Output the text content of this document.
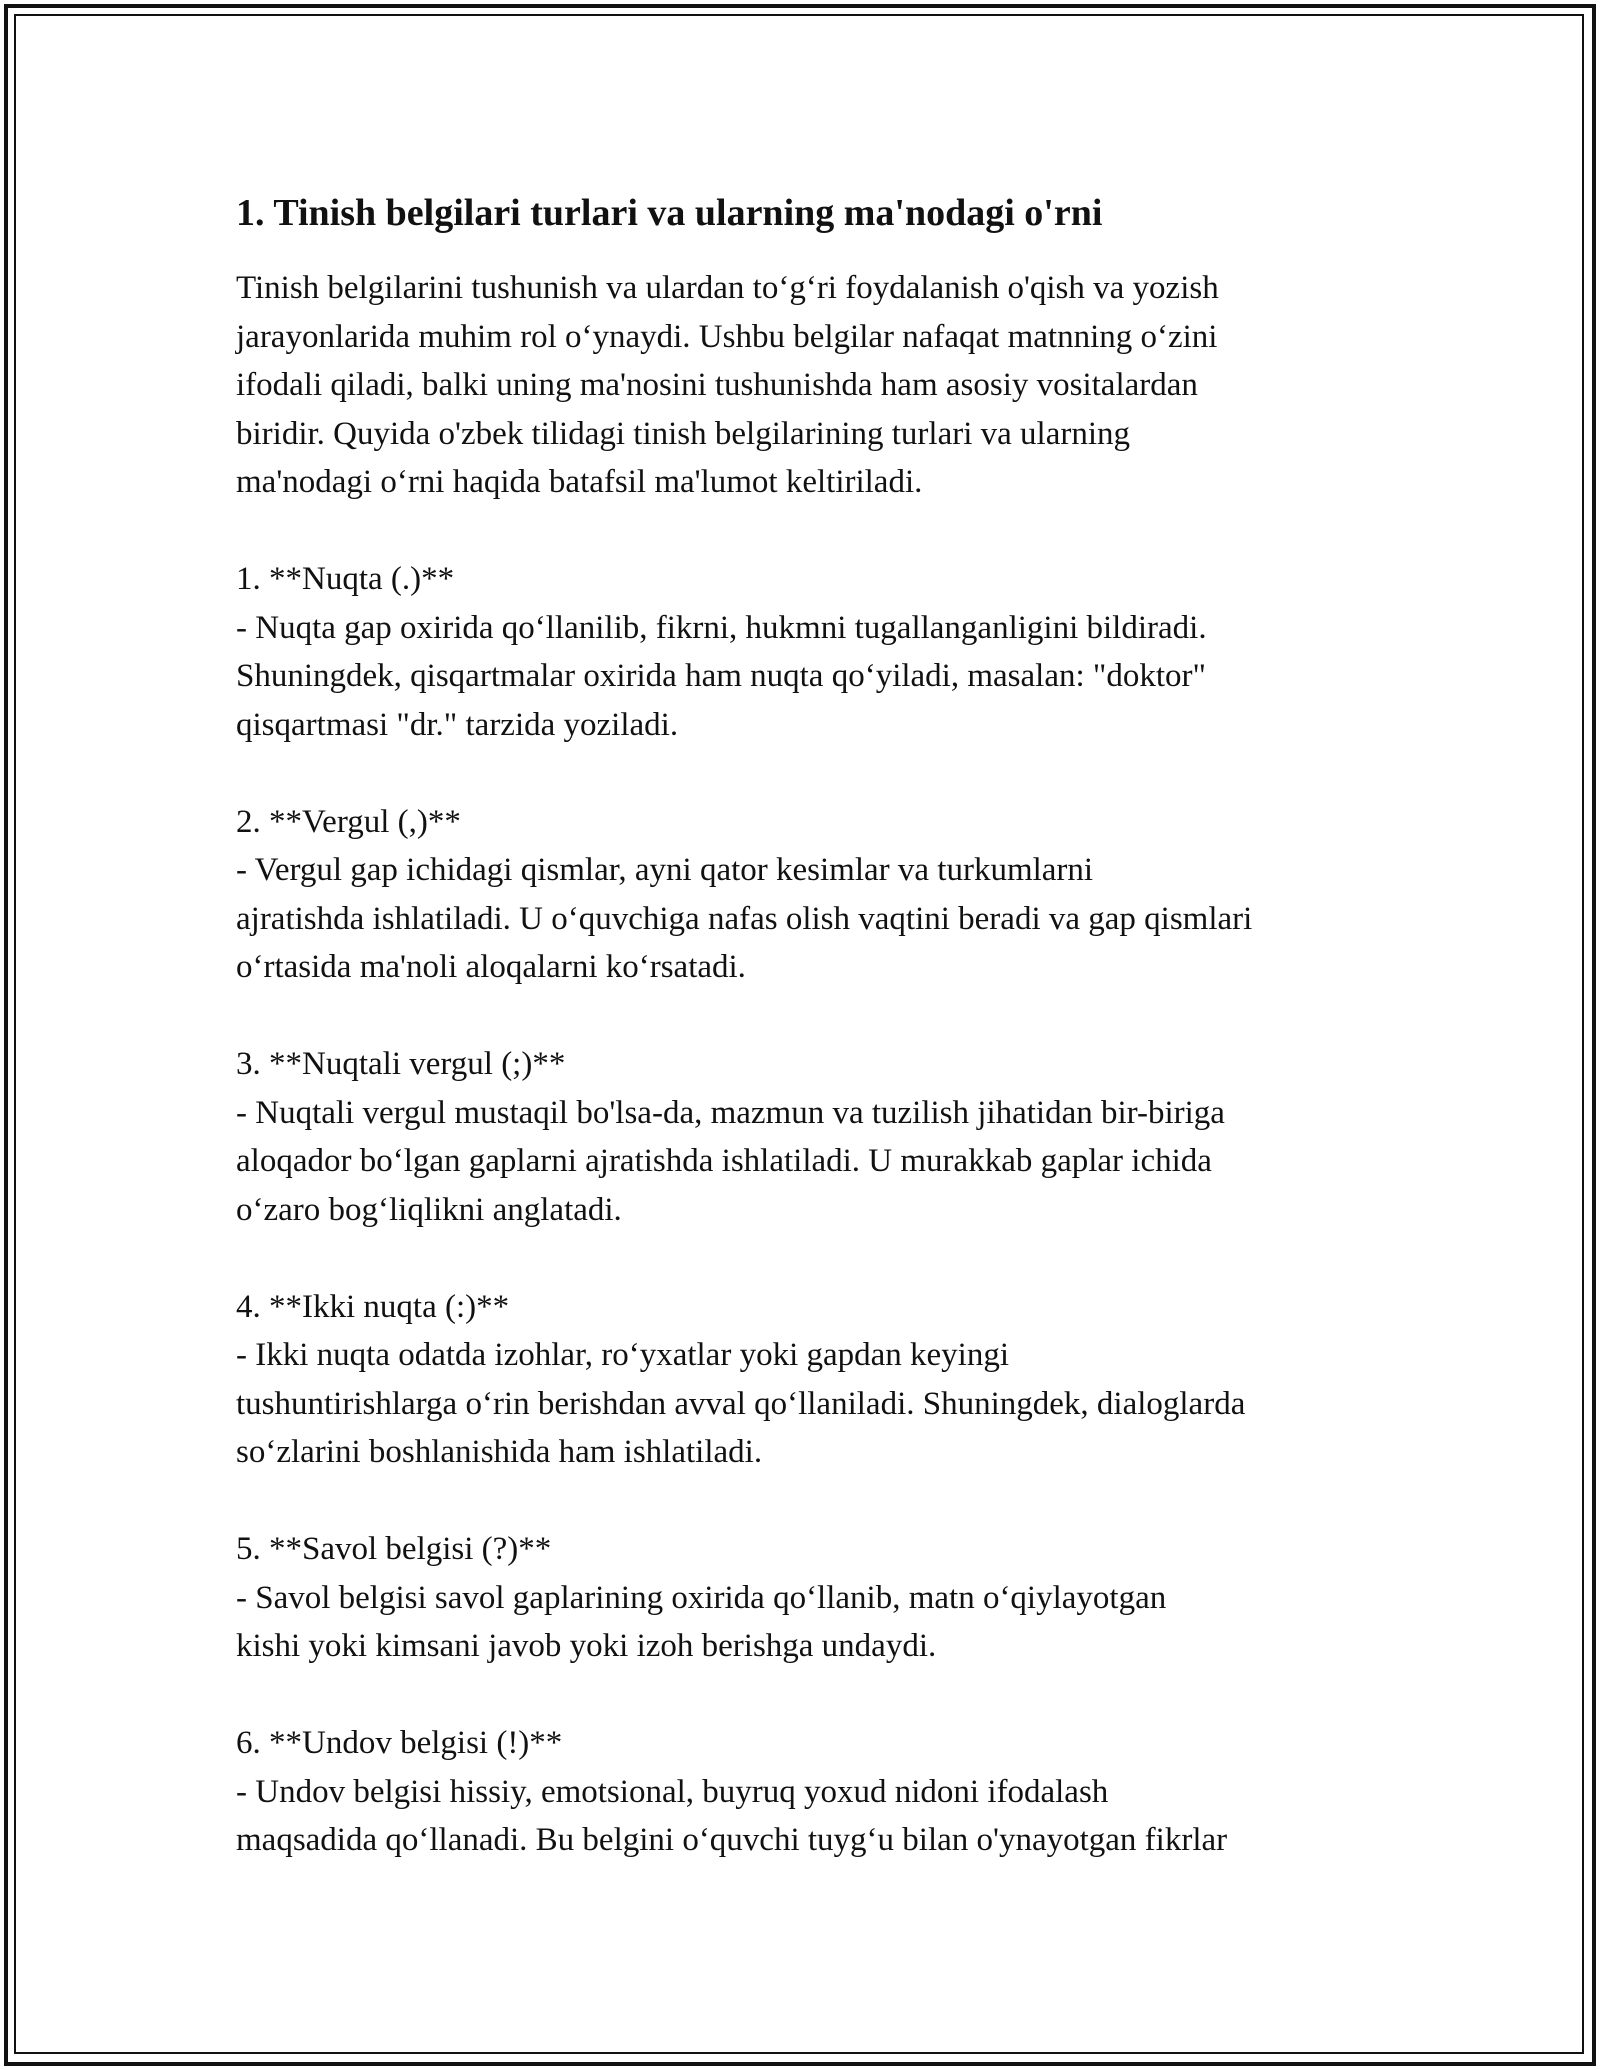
1. Tinish belgilari turlari va ularning ma'nodagi o'rni

Tinish belgilarini tushunish va ulardan to‘g‘ri foydalanish o'qish va yozish
jarayonlarida muhim rol o‘ynaydi. Ushbu belgilar nafaqat matnning o‘zini
ifodali qiladi, balki uning ma'nosini tushunishda ham asosiy vositalardan
biridir. Quyida o'zbek tilidagi tinish belgilarining turlari va ularning
ma'nodagi o‘rni haqida batafsil ma'lumot keltiriladi.

1. **Nuqta (.)**
- Nuqta gap oxirida qo‘llanilib, fikrni, hukmni tugallanganligini bildiradi.
Shuningdek, qisqartmalar oxirida ham nuqta qo‘yiladi, masalan: "doktor"
qisqartmasi "dr." tarzida yoziladi.
2. **Vergul (,)**
- Vergul gap ichidagi qismlar, ayni qator kesimlar va turkumlarni
ajratishda ishlatiladi. U o‘quvchiga nafas olish vaqtini beradi va gap qismlari
o‘rtasida ma'noli aloqalarni ko‘rsatadi.
3. **Nuqtali vergul (;)**
- Nuqtali vergul mustaqil bo'lsa-da, mazmun va tuzilish jihatidan bir-biriga
aloqador bo‘lgan gaplarni ajratishda ishlatiladi. U murakkab gaplar ichida
o‘zaro bog‘liqlikni anglatadi.
4. **Ikki nuqta (:)**
- Ikki nuqta odatda izohlar, ro‘yxatlar yoki gapdan keyingi
tushuntirishlarga o‘rin berishdan avval qo‘llaniladi. Shuningdek, dialoglarda
so‘zlarini boshlanishida ham ishlatiladi.
5. **Savol belgisi (?)**
- Savol belgisi savol gaplarining oxirida qo‘llanib, matn o‘qiylayotgan
kishi yoki kimsani javob yoki izoh berishga undaydi.
6. **Undov belgisi (!)**
- Undov belgisi hissiy, emotsional, buyruq yoxud nidoni ifodalash
maqsadida qo‘llanadi. Bu belgini o‘quvchi tuyg‘u bilan o'ynayotgan fikrlar
